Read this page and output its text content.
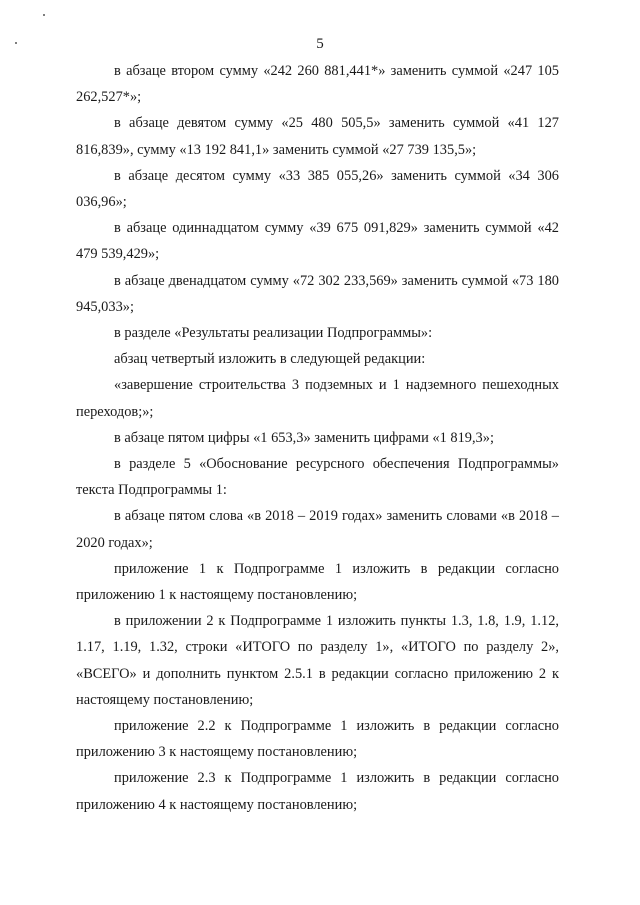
5

в абзаце втором сумму «242 260 881,441*» заменить суммой «247 105 262,527*»;

в абзаце девятом сумму «25 480 505,5» заменить суммой «41 127 816,839», сумму «13 192 841,1» заменить суммой «27 739 135,5»;

в абзаце десятом сумму «33 385 055,26» заменить суммой «34 306 036,96»;

в абзаце одиннадцатом сумму «39 675 091,829» заменить суммой «42 479 539,429»;

в абзаце двенадцатом сумму «72 302 233,569» заменить суммой «73 180 945,033»;

в разделе «Результаты реализации Подпрограммы»:

абзац четвертый изложить в следующей редакции:

«завершение строительства 3 подземных и 1 надземного пешеходных переходов;»;

в абзаце пятом цифры «1 653,3» заменить цифрами «1 819,3»;

в разделе 5 «Обоснование ресурсного обеспечения Подпрограммы» текста Подпрограммы 1:

в абзаце пятом слова «в 2018 – 2019 годах» заменить словами «в 2018 – 2020 годах»;

приложение 1 к Подпрограмме 1 изложить в редакции согласно приложению 1 к настоящему постановлению;

в приложении 2 к Подпрограмме 1 изложить пункты 1.3, 1.8, 1.9, 1.12, 1.17, 1.19, 1.32, строки «ИТОГО по разделу 1», «ИТОГО по разделу 2», «ВСЕГО» и дополнить пунктом 2.5.1 в редакции согласно приложению 2 к настоящему постановлению;

приложение 2.2 к Подпрограмме 1 изложить в редакции согласно приложению 3 к настоящему постановлению;

приложение 2.3 к Подпрограмме 1 изложить в редакции согласно приложению 4 к настоящему постановлению;
